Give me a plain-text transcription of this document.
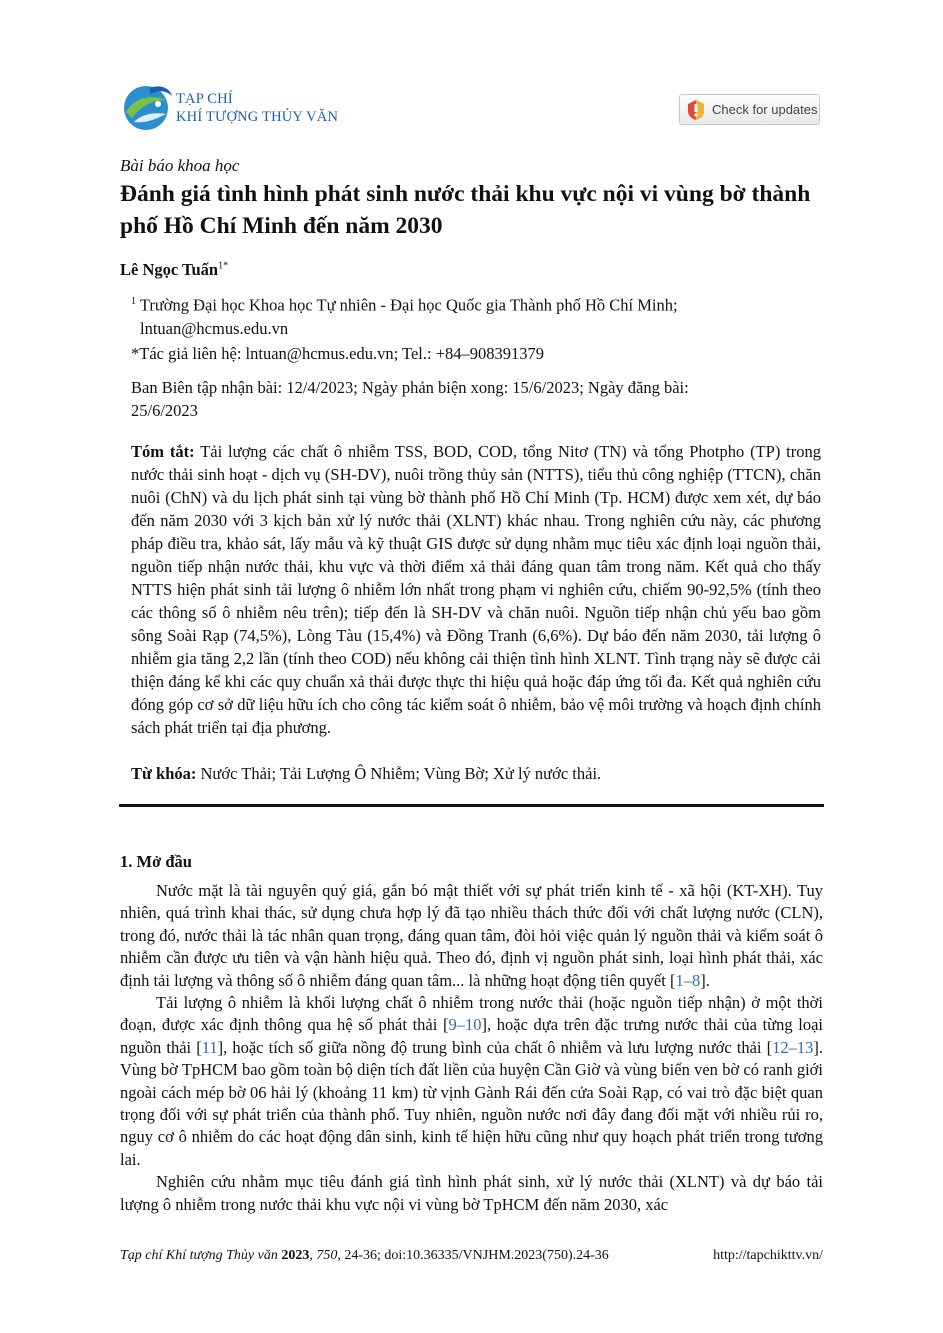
TẠP CHÍ
KHÍ TƯỢNG THỦY VĂN	Check for updates
Bài báo khoa học
Đánh giá tình hình phát sinh nước thải khu vực nội vi vùng bờ thành phố Hồ Chí Minh đến năm 2030
Lê Ngọc Tuấn$^{1*}$
$^1$ Trường Đại học Khoa học Tự nhiên - Đại học Quốc gia Thành phố Hồ Chí Minh;
lntuan@hcmus.edu.vn
*Tác giả liên hệ: lntuan@hcmus.edu.vn; Tel.: +84–908391379
Ban Biên tập nhận bài: 12/4/2023; Ngày phản biện xong: 15/6/2023; Ngày đăng bài:
25/6/2023

Tóm tắt: Tải lượng các chất ô nhiễm TSS, BOD, COD, tổng Nitơ (TN) và tổng Photpho (TP) trong nước thải sinh hoạt - dịch vụ (SH-DV), nuôi trồng thủy sản (NTTS), tiểu thủ công nghiệp (TTCN), chăn nuôi (ChN) và du lịch phát sinh tại vùng bờ thành phố Hồ Chí Minh (Tp. HCM) được xem xét, dự báo đến năm 2030 với 3 kịch bản xử lý nước thải (XLNT) khác nhau. Trong nghiên cứu này, các phương pháp điều tra, khảo sát, lấy mẫu và kỹ thuật GIS được sử dụng nhằm mục tiêu xác định loại nguồn thải, nguồn tiếp nhận nước thải, khu vực và thời điểm xả thải đáng quan tâm trong năm. Kết quả cho thấy NTTS hiện phát sinh tải lượng ô nhiễm lớn nhất trong phạm vi nghiên cứu, chiếm 90-92,5% (tính theo các thông số ô nhiễm nêu trên); tiếp đến là SH-DV và chăn nuôi. Nguồn tiếp nhận chủ yếu bao gồm sông Soài Rạp (74,5%), Lòng Tàu (15,4%) và Đồng Tranh (6,6%). Dự báo đến năm 2030, tải lượng ô nhiễm gia tăng 2,2 lần (tính theo COD) nếu không cải thiện tình hình XLNT. Tình trạng này sẽ được cải thiện đáng kể khi các quy chuẩn xả thải được thực thi hiệu quả hoặc đáp ứng tối đa. Kết quả nghiên cứu đóng góp cơ sở dữ liệu hữu ích cho công tác kiểm soát ô nhiễm, bảo vệ môi trường và hoạch định chính sách phát triển tại địa phương.

Từ khóa: Nước Thải; Tải Lượng Ô Nhiễm; Vùng Bờ; Xử lý nước thải.
1. Mở đầu

Nước mặt là tài nguyên quý giá, gắn bó mật thiết với sự phát triển kinh tế - xã hội (KT-XH). Tuy nhiên, quá trình khai thác, sử dụng chưa hợp lý đã tạo nhiều thách thức đối với chất lượng nước (CLN), trong đó, nước thải là tác nhân quan trọng, đáng quan tâm, đòi hỏi việc quản lý nguồn thải và kiểm soát ô nhiễm cần được ưu tiên và vận hành hiệu quả. Theo đó, định vị nguồn phát sinh, loại hình phát thải, xác định tải lượng và thông số ô nhiễm đáng quan tâm... là những hoạt động tiên quyết [1–8].

Tải lượng ô nhiễm là khối lượng chất ô nhiễm trong nước thải (hoặc nguồn tiếp nhận) ở một thời đoạn, được xác định thông qua hệ số phát thải [9–10], hoặc dựa trên đặc trưng nước thải của từng loại nguồn thải [11], hoặc tích số giữa nồng độ trung bình của chất ô nhiễm và lưu lượng nước thải [12–13]. Vùng bờ TpHCM bao gồm toàn bộ diện tích đất liền của huyện Cần Giờ và vùng biển ven bờ có ranh giới ngoài cách mép bờ 06 hải lý (khoảng 11 km) từ vịnh Gành Rái đến cửa Soài Rạp, có vai trò đặc biệt quan trọng đối với sự phát triển của thành phố. Tuy nhiên, nguồn nước nơi đây đang đối mặt với nhiều rủi ro, nguy cơ ô nhiễm do các hoạt động dân sinh, kinh tế hiện hữu cũng như quy hoạch phát triển trong tương lai.

Nghiên cứu nhằm mục tiêu đánh giá tình hình phát sinh, xử lý nước thải (XLNT) và dự báo tải lượng ô nhiễm trong nước thải khu vực nội vi vùng bờ TpHCM đến năm 2030, xác

Tạp chí Khí tượng Thủy văn 2023, 750, 24-36; doi:10.36335/VNJHM.2023(750).24-36	http://tapchikttv.vn/
